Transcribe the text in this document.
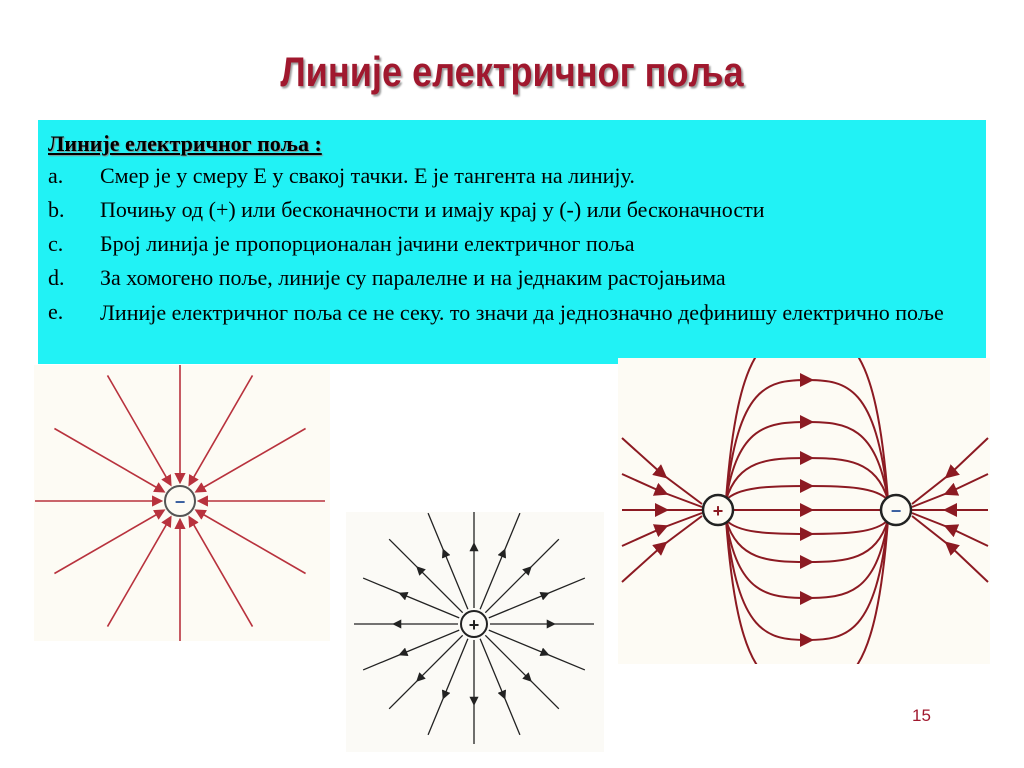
Линије електричног поља

Линије електричног поља :

a.	Смер је у смеру E у свакој тачки. E је тангента на линију.
b.	Почињу од (+) или бесконачности и имају крај у (-) или бесконачности
c.	Број линија је пропорционалан јачини електричног поља
d.	За хомогено поље, линије су паралелне и на једнаким растојањима
e.	Линије електричног поља се не секу. то значи да једнозначно дефинишу електрично поље
−
+
+	−
15
